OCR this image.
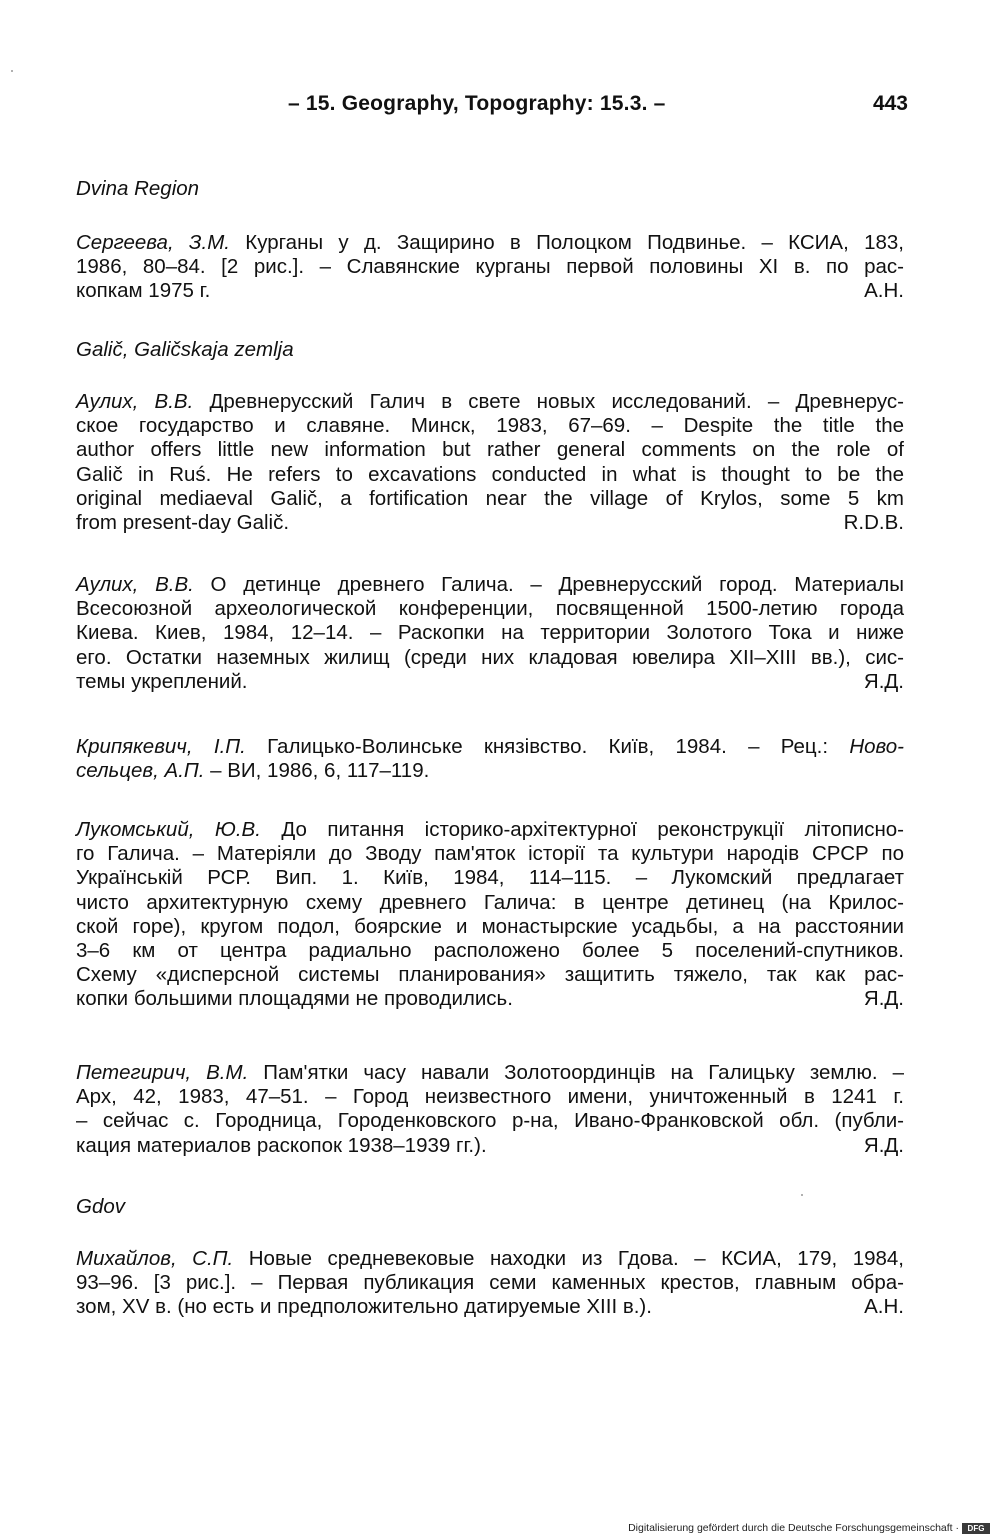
– 15. Geography, Topography: 15.3. –	443
Dvina Region
Сергеева, З.М. Курганы у д. Защирино в Полоцком Подвинье. – КСИА, 183,
1986, 80–84. [2 рис.]. – Славянские курганы первой половины XI в. по рас-
копкам 1975 г.	А.Н.
Galič, Galičskaja zemlja
Аулих, В.В. Древнерусский Галич в свете новых исследований. – Древнерус-
ское государство и славяне. Минск, 1983, 67–69. – Despite the title the
author offers little new information but rather general comments on the role of
Galič in Ruś. He refers to excavations conducted in what is thought to be the
original mediaeval Galič, a fortification near the village of Krylos, some 5 km
from present-day Galič.	R.D.B.
Аулих, В.В. О детинце древнего Галича. – Древнерусский город. Материалы
Всесоюзной археологической конференции, посвященной 1500-летию города
Киева. Киев, 1984, 12–14. – Раскопки на территории Золотого Тока и ниже
его. Остатки наземных жилищ (среди них кладовая ювелира XII–XIII вв.), сис-
темы укреплений.	Я.Д.
Крипякевич, І.П. Галицько-Волинське князівство. Київ, 1984. – Рец.: Ново-
сельцев, А.П. – ВИ, 1986, 6, 117–119.
Лукомський, Ю.В. До питання історико-архітектурної реконструкції літописно-
го Галича. – Матеріяли до Зводу пам'яток історії та культури народів СРСР по
Українській РСР. Вип. 1. Київ, 1984, 114–115. – Лукомский предлагает
чисто архитектурную схему древнего Галича: в центре детинец (на Крилос-
ской горе), кругом подол, боярские и монастырские усадьбы, а на расстоянии
3–6 км от центра радиально расположено более 5 поселений-спутников.
Схему «дисперсной системы планирования» защитить тяжело, так как рас-
копки большими площадями не проводились.	Я.Д.
Петегирич, В.М. Пам'ятки часу навали Золотоординців на Галицьку землю. –
Арх, 42, 1983, 47–51. – Город неизвестного имени, уничтоженный в 1241 г.
– сейчас с. Городница, Городенковского р-на, Ивано-Франковской обл. (публи-
кация материалов раскопок 1938–1939 гг.).	Я.Д.
Gdov
Михайлов, С.П. Новые средневековые находки из Гдова. – КСИА, 179, 1984,
93–96. [3 рис.]. – Первая публикация семи каменных крестов, главным обра-
зом, XV в. (но есть и предположительно датируемые XIII в.).	А.Н.
Digitalisierung gefördert durch die Deutsche Forschungsgemeinschaft · DFG
